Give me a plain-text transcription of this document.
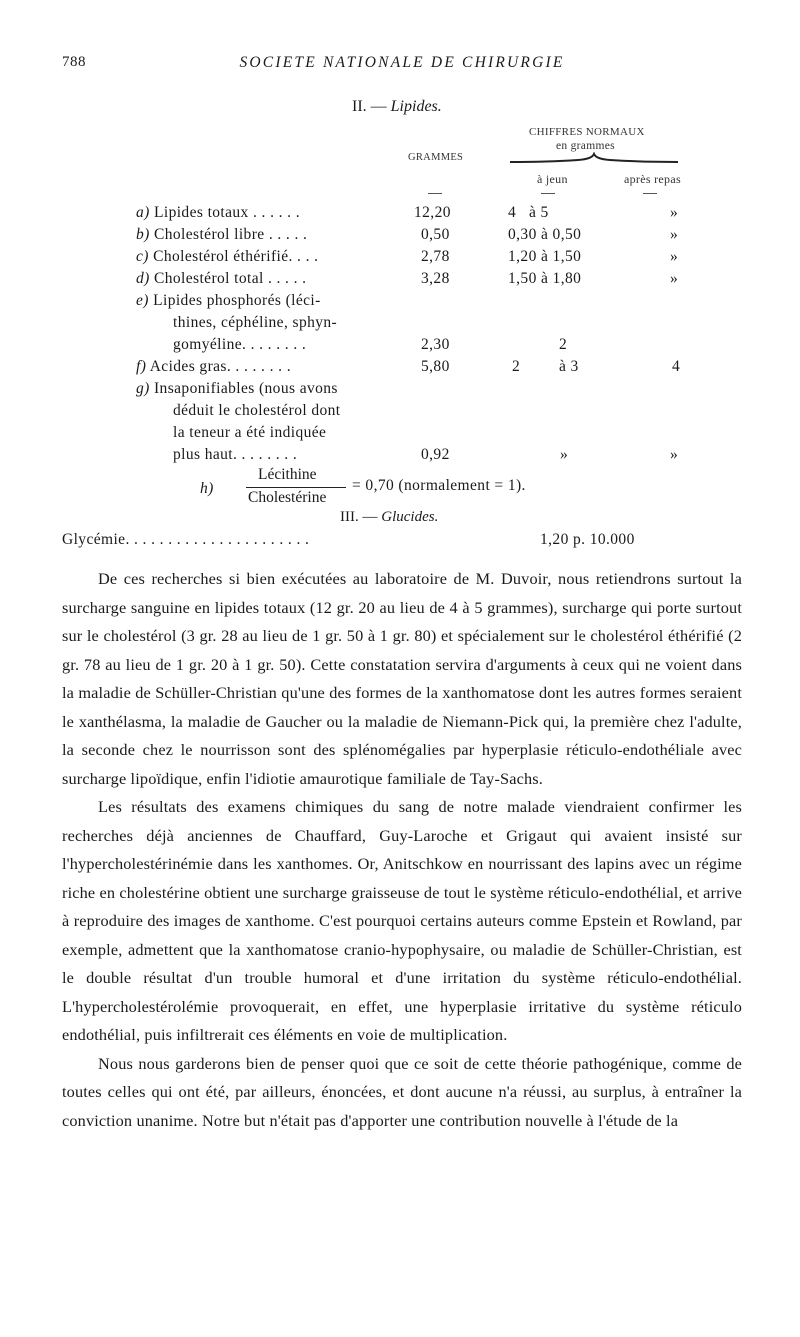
788	SOCIETE NATIONALE DE CHIRURGIE
II. — Lipides.
CHIFFRES NORMAUX
en grammes
GRAMMES
à jeun	après repas
a) Lipides totaux . . . . . .	12,20	4   à 5	»
b) Cholestérol libre . . . . .	0,50	0,30 à 0,50	»
c) Cholestérol éthérifié. . . .	2,78	1,20 à 1,50	»
d) Cholestérol total . . . . .	3,28	1,50 à 1,80	»
e) Lipides phosphorés (léci-
thines, céphéline, sphyn-
gomyéline. . . . . . . .	2,30	2
f) Acides gras. . . . . . . .	5,80	2	à 3	4
g) Insaponifiables (nous avons
déduit le cholestérol dont
la teneur a été indiquée
plus haut. . . . . . . .	0,92	»	»
h)
Lécithine
Cholestérine
= 0,70 (normalement = 1).
III. — Glucides.
Glycémie. . . . . . . . . . . . . . . . . . . . . .	1,20 p. 10.000

De ces recherches si bien exécutées au laboratoire de M. Duvoir, nous retiendrons surtout la surcharge sanguine en lipides totaux (12 gr. 20 au lieu de 4 à 5 grammes), surcharge qui porte surtout sur le cholestérol (3 gr. 28 au lieu de 1 gr. 50 à 1 gr. 80) et spécialement sur le cholestérol éthérifié (2 gr. 78 au lieu de 1 gr. 20 à 1 gr. 50). Cette constatation servira d'arguments à ceux qui ne voient dans la maladie de Schüller-Christian qu'une des formes de la xanthomatose dont les autres formes seraient le xanthélasma, la maladie de Gaucher ou la maladie de Niemann-Pick qui, la première chez l'adulte, la seconde chez le nourrisson sont des splénomégalies par hyperplasie réticulo-endothéliale avec surcharge lipoïdique, enfin l'idiotie amaurotique familiale de Tay-Sachs.

Les résultats des examens chimiques du sang de notre malade viendraient confirmer les recherches déjà anciennes de Chauffard, Guy-Laroche et Grigaut qui avaient insisté sur l'hypercholestérinémie dans les xanthomes. Or, Anitschkow en nourrissant des lapins avec un régime riche en cholestérine obtient une surcharge graisseuse de tout le système réticulo-endothélial, et arrive à reproduire des images de xanthome. C'est pourquoi certains auteurs comme Epstein et Rowland, par exemple, admettent que la xanthomatose cranio-hypophysaire, ou maladie de Schüller-Christian, est le double résultat d'un trouble humoral et d'une irritation du système réticulo-endothélial. L'hypercholestérolémie provoquerait, en effet, une hyperplasie irritative du système réticulo endothélial, puis infiltrerait ces éléments en voie de multiplication.

Nous nous garderons bien de penser quoi que ce soit de cette théorie pathogénique, comme de toutes celles qui ont été, par ailleurs, énoncées, et dont aucune n'a réussi, au surplus, à entraîner la conviction unanime. Notre but n'était pas d'apporter une contribution nouvelle à l'étude de la
